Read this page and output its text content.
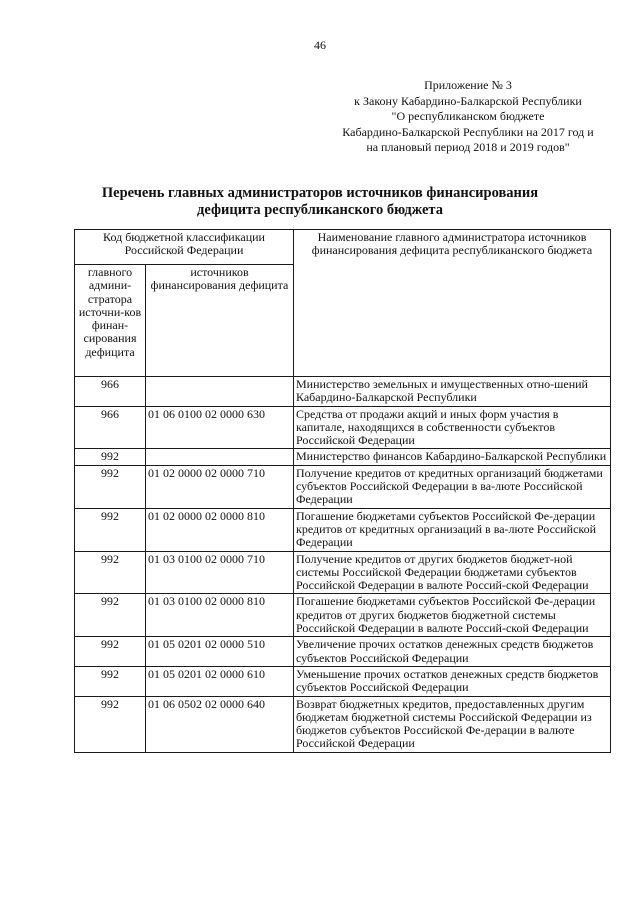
46
Приложение № 3
к Закону Кабардино-Балкарской Республики
"О республиканском бюджете
Кабардино-Балкарской Республики на 2017 год и
на плановый период 2018 и 2019 годов"
Перечень главных администраторов источников финансирования
дефицита республиканского бюджета
Код бюджетной классификации Российской Федерации		Наименование главного администратора источников финансирования дефицита республиканского бюджета
главного админи-стратора источни-ков финан-сирования дефицита	источников финансирования дефицита	
966		Министерство земельных и имущественных отно-шений Кабардино-Балкарской Республики
966	01 06 0100 02 0000 630	Средства от продажи акций и иных форм участия в капитале, находящихся в собственности субъектов Российской Федерации
992		Министерство финансов Кабардино-Балкарской Республики
992	01 02 0000 02 0000 710	Получение кредитов от кредитных организаций бюджетами субъектов Российской Федерации в ва-люте Российской Федерации
992	01 02 0000 02 0000 810	Погашение бюджетами субъектов Российской Фе-дерации кредитов от кредитных организаций в ва-люте Российской Федерации
992	01 03 0100 02 0000 710	Получение кредитов от других бюджетов бюджет-ной системы Российской Федерации бюджетами субъектов Российской Федерации в валюте Россий-ской Федерации
992	01 03 0100 02 0000 810	Погашение бюджетами субъектов Российской Фе-дерации кредитов от других бюджетов бюджетной системы Российской Федерации в валюте Россий-ской Федерации
992	01 05 0201 02 0000 510	Увеличение прочих остатков денежных средств бюджетов субъектов Российской Федерации
992	01 05 0201 02 0000 610	Уменьшение прочих остатков денежных средств бюджетов субъектов Российской Федерации
992	01 06 0502 02 0000 640	Возврат бюджетных кредитов, предоставленных другим бюджетам бюджетной системы Российской Федерации из бюджетов субъектов Российской Фе-дерации в валюте Российской Федерации
